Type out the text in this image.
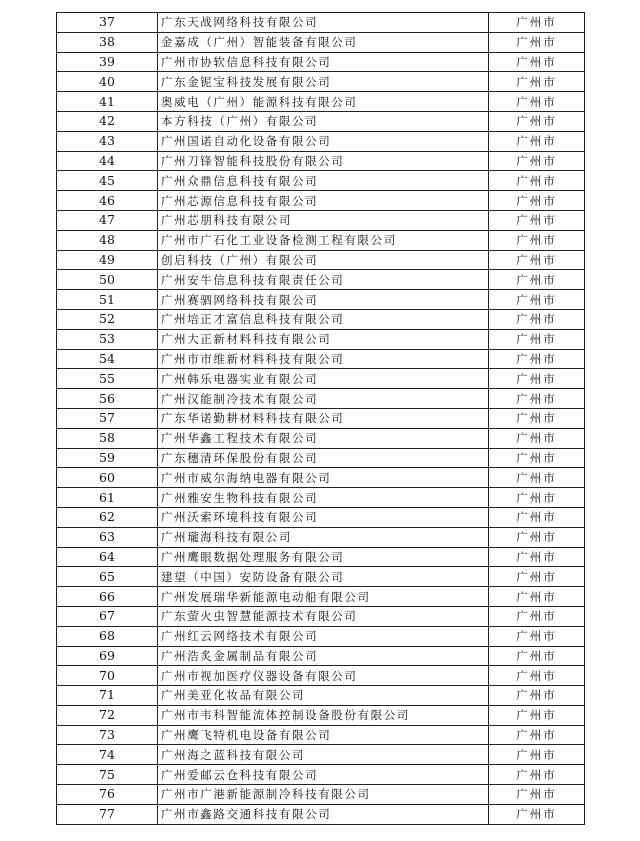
37	广东天战网络科技有限公司	广州市
38	金嘉成（广州）智能装备有限公司	广州市
39	广州市协软信息科技有限公司	广州市
40	广东金铌宝科技发展有限公司	广州市
41	奥威电（广州）能源科技有限公司	广州市
42	本方科技（广州）有限公司	广州市
43	广州国诺自动化设备有限公司	广州市
44	广州刀锋智能科技股份有限公司	广州市
45	广州众鼎信息科技有限公司	广州市
46	广州芯源信息科技有限公司	广州市
47	广州芯朋科技有限公司	广州市
48	广州市广石化工业设备检测工程有限公司	广州市
49	创启科技（广州）有限公司	广州市
50	广州安牛信息科技有限责任公司	广州市
51	广州赛驷网络科技有限公司	广州市
52	广州培正才富信息科技有限公司	广州市
53	广州大正新材料科技有限公司	广州市
54	广州市市维新材料科技有限公司	广州市
55	广州韩乐电器实业有限公司	广州市
56	广州汉能制冷技术有限公司	广州市
57	广东华诺勤耕材料科技有限公司	广州市
58	广州华鑫工程技术有限公司	广州市
59	广东穗清环保股份有限公司	广州市
60	广州市威尔海纳电器有限公司	广州市
61	广州雅安生物科技有限公司	广州市
62	广州沃索环境科技有限公司	广州市
63	广州瓏海科技有限公司	广州市
64	广州鹰眼数据处理服务有限公司	广州市
65	建望（中国）安防设备有限公司	广州市
66	广州发展瑞华新能源电动船有限公司	广州市
67	广东萤火虫智慧能源技术有限公司	广州市
68	广州红云网络技术有限公司	广州市
69	广州浩炙金属制品有限公司	广州市
70	广州市视加医疗仪器设备有限公司	广州市
71	广州美亚化妆品有限公司	广州市
72	广州市韦科智能流体控制设备股份有限公司	广州市
73	广州鹰飞特机电设备有限公司	广州市
74	广州海之蓝科技有限公司	广州市
75	广州爱邮云仓科技有限公司	广州市
76	广州市广港新能源制冷科技有限公司	广州市
77	广州市鑫路交通科技有限公司	广州市
